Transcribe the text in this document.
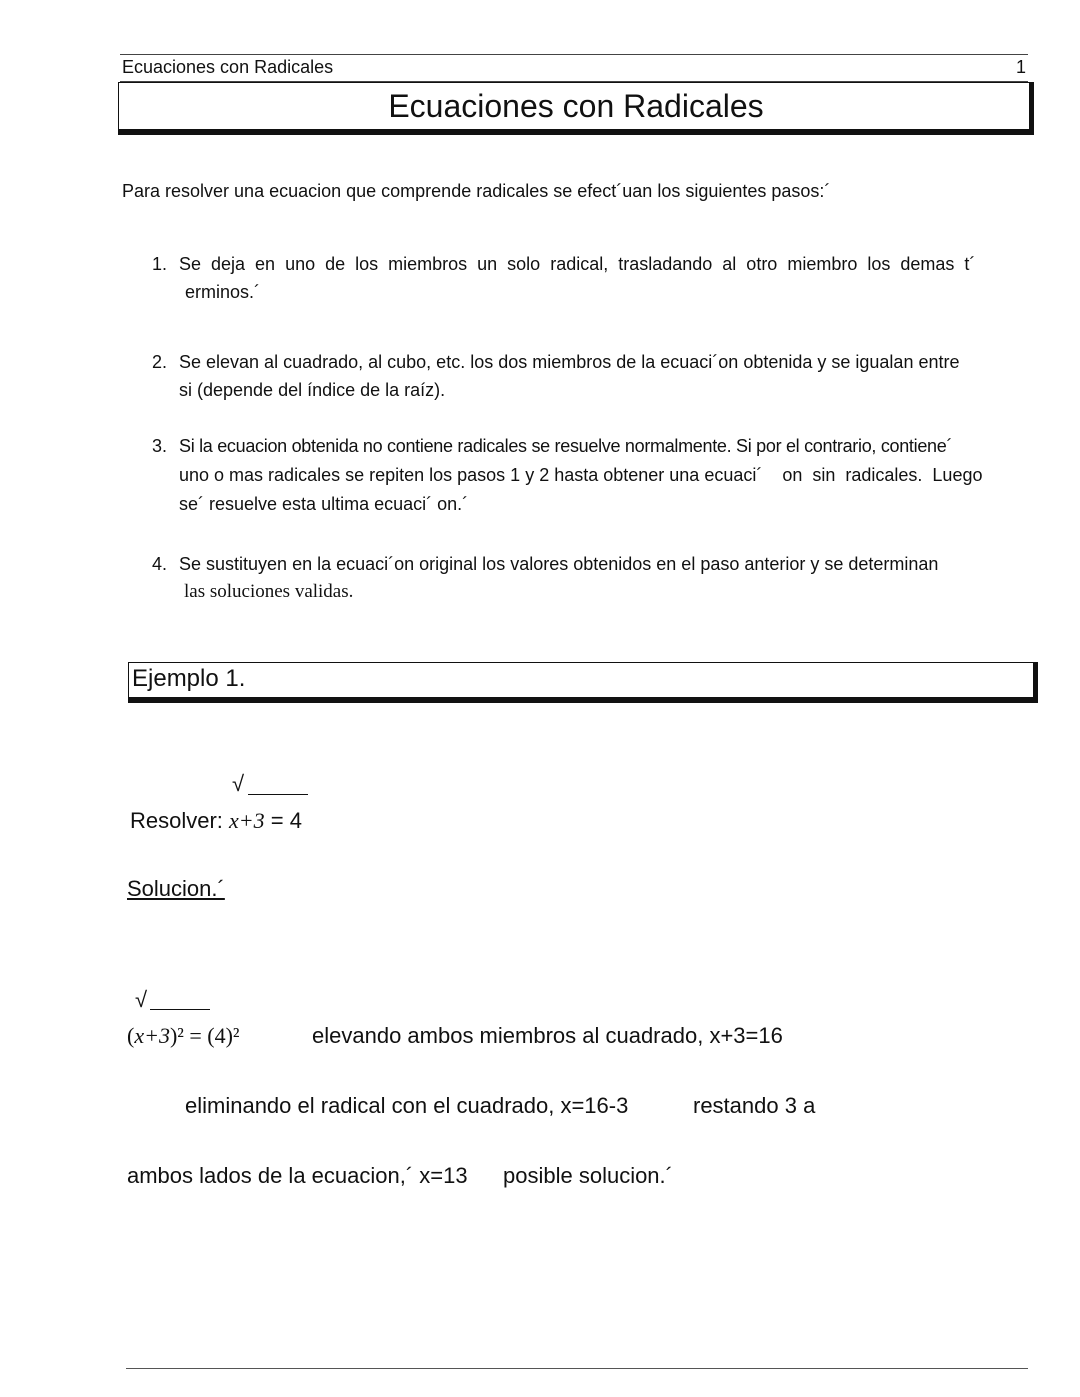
Ecuaciones con Radicales	1
Ecuaciones con Radicales
Para resolver una ecuacion que comprende radicales se efect´uan los siguientes pasos:´
1. Se deja en uno de los miembros un solo radical, trasladando al otro miembro los demas t´
erminos.´
2. Se elevan al cuadrado, al cubo, etc. los dos miembros de la ecuaci´on obtenida y se igualan entre
si (depende del índice de la raíz).
3. Si la ecuacion obtenida no contiene radicales se resuelve normalmente. Si por el contrario, contiene´
uno o mas radicales se repiten los pasos 1 y 2 hasta obtener una ecuaci´    on  sin  radicales.  Luego
se´ resuelve esta ultima ecuaci´ on.´
4. Se sustituyen en la ecuaci´on original los valores obtenidos en el paso anterior y se determinan
las soluciones validas.
Ejemplo 1.
√
Resolver: x+3 = 4
Solucion.´
√
(x+3)² = (4)²	elevando ambos miembros al cuadrado, x+3=16
eliminando el radical con el cuadrado, x=16-3	restando 3 a
ambos lados de la ecuacion,´ x=13 posible solucion.´
